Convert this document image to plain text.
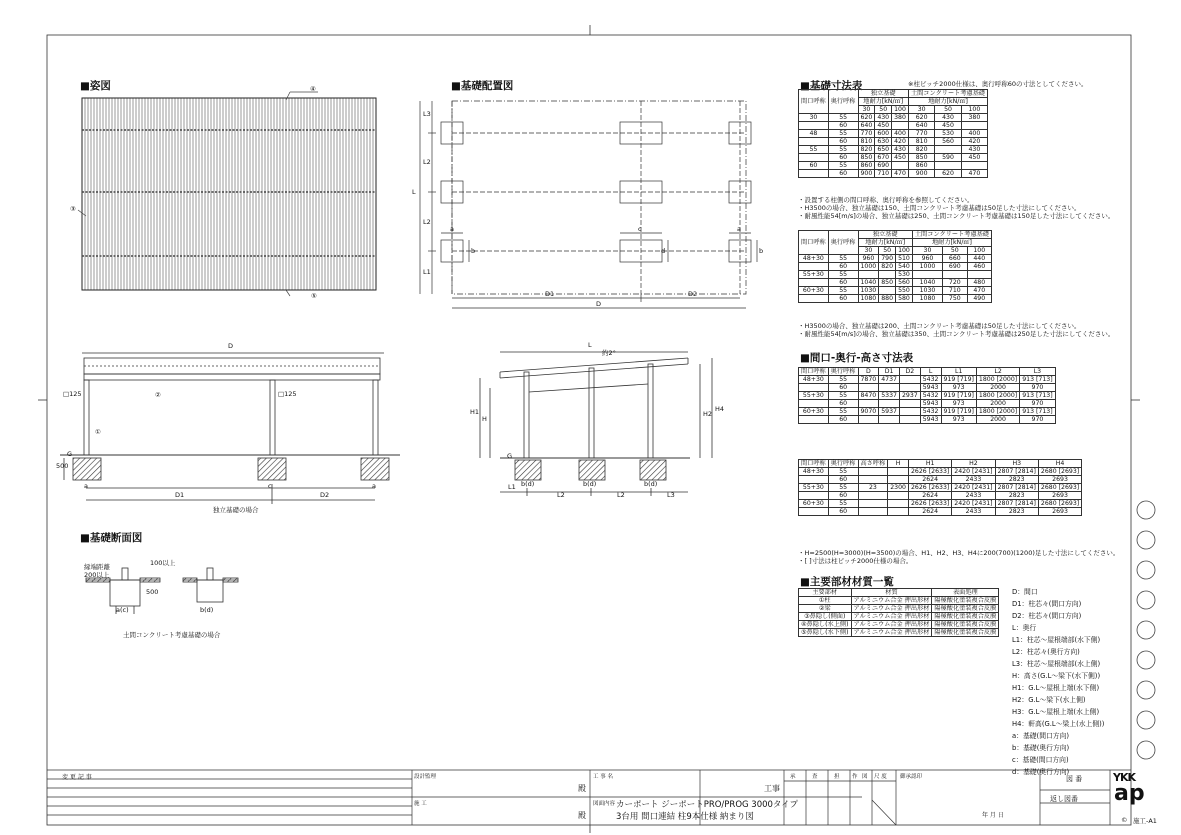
■姿図	■基礎配置図	■基礎寸法表
■基礎断面図
■間口-奥行-高さ寸法表
■主要部材材質一覧
④
③
⑤
L3
L2
L2
L1
L
D1	D2
D
a	c	a
b	d	b
D
□125	□125
②
①
G
500
a	c	a
D1	D2
独立基礎の場合
L
約2°
H1
H
H2
H4
G
L1
L2	L2	L3
b(d)	b(d)	b(d)
縁端距離
200以上
100以上
500
a(c)	b(d)
土間コンクリート考慮基礎の場合
※柱ピッチ2000仕様は、奥行呼称60の寸法としてください。
間口呼称	奥行呼称	独立基礎			土間コンクリート考慮基礎		
		地耐力[kN/㎡]			地耐力[kN/㎡]		
		30	50	100	30	50	100
30	55	620	430	380	620	430	380
	60	640	450		640	450	
48	55	770	600	400	770	530	400
	60	810	630	420	810	560	420
55	55	820	650	430	820		430
	60	850	670	450	850	590	450
60	55	860	690		860		
	60	900	710	470	900	620	470
・設置する柱側の間口呼称、奥行呼称を参照してください。
・H3500の場合、独立基礎は150、土間コンクリート考慮基礎は50足した寸法にしてください。
・耐風性能54[m/s]の場合、独立基礎は250、土間コンクリート考慮基礎は150足した寸法にしてください。
間口呼称	奥行呼称	独立基礎			土間コンクリート考慮基礎		
		地耐力[kN/㎡]			地耐力[kN/㎡]		
		30	50	100	30	50	100
48+30	55	960	790	510	960	660	440
	60	1000	820	540	1000	690	460
55+30	55			530			
	60	1040	850	560	1040	720	480
60+30	55	1030		550	1030	710	470
	60	1080	880	580	1080	750	490
・H3500の場合、独立基礎は200、土間コンクリート考慮基礎は50足した寸法にしてください。
・耐風性能54[m/s]の場合、独立基礎は350、土間コンクリート考慮基礎は250足した寸法にしてください。
間口呼称	奥行呼称	D	D1	D2	L	L1	L2	L3
48+30	55	7870	4737		5432	919 [719]	1800 [2000]	913 [713]
	60				5943	973	2000	970
55+30	55	8470	5337	2937	5432	919 [719]	1800 [2000]	913 [713]
	60				5943	973	2000	970
60+30	55	9070	5937		5432	919 [719]	1800 [2000]	913 [713]
	60				5943	973	2000	970
間口呼称	奥行呼称	高さ呼称	H	H1	H2	H3	H4
48+30	55			2626 [2633]	2420 [2431]	2807 [2814]	2680 [2693]
	60			2624	2433	2823	2693
55+30	55	23	2300	2626 [2633]	2420 [2431]	2807 [2814]	2680 [2693]
	60			2624	2433	2823	2693
60+30	55			2626 [2633]	2420 [2431]	2807 [2814]	2680 [2693]
	60			2624	2433	2823	2693
・H=2500(H=3000)(H=3500)の場合、H1、H2、H3、H4に200(700)(1200)足した寸法にしてください。
・[ ]寸法は柱ピッチ2000仕様の場合。
主要部材	材質	表面処理
①柱	アルミニウム合金 押出形材	陽極酸化塗装複合皮膜
②梁	アルミニウム合金 押出形材	陽極酸化塗装複合皮膜
③鼻隠し(側面)	アルミニウム合金 押出形材	陽極酸化塗装複合皮膜
④鼻隠し(水上側)	アルミニウム合金 押出形材	陽極酸化塗装複合皮膜
⑤鼻隠し(水下側)	アルミニウム合金 押出形材	陽極酸化塗装複合皮膜
D：間口
D1：柱芯々(間口方向)
D2：柱芯々(間口方向)
L：奥行
L1：柱芯～屋根端部(水下側)
L2：柱芯々(奥行方向)
L3：柱芯～屋根端部(水上側)
H：高さ(G.L～梁下(水下側))
H1：G.L～屋根上端(水下側)
H2：G.L～梁下(水上側)
H3：G.L～屋根上端(水上側)
H4：軒高(G.L～梁上(水上側))
a：基礎(間口方向)
b：基礎(奥行方向)
c：基礎(間口方向)
d：基礎(奥行方向)
変 更 記 事	設計監理
殿
施 工
殿
工 事 名
工事
図面内容 カーポート ジーポートPRO/PROG 3000タイプ
3台用 間口連結 柱9本仕様 納まり図
承	査	担 作 図 尺 度 御承認印
年 月 日
図 番
返し図番
YKK
ap
© 施工-A1
